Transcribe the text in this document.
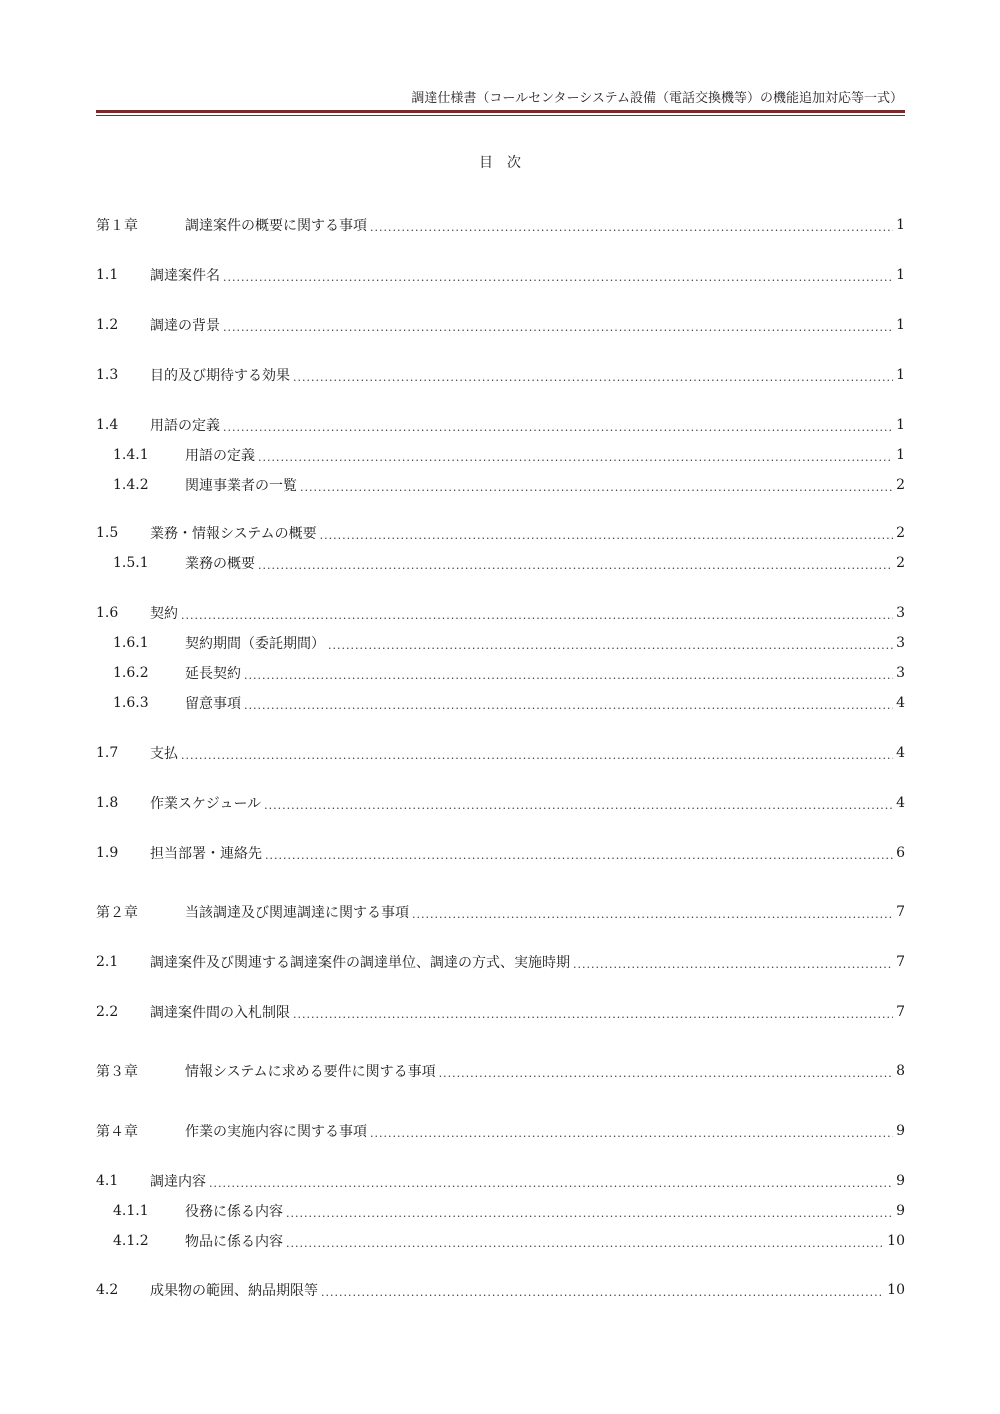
調達仕様書（コールセンターシステム設備（電話交換機等）の機能追加対応等一式）
目次
第１章	調達案件の概要に関する事項 .....	1
1.1	調達案件名 .....	1
1.2	調達の背景 .....	1
1.3	目的及び期待する効果 .....	1
1.4	用語の定義 .....	1
1.4.1	用語の定義 .....	1
1.4.2	関連事業者の一覧 .....	2
1.5	業務・情報システムの概要 .....	2
1.5.1	業務の概要 .....	2
1.6	契約 .....	3
1.6.1	契約期間（委託期間） .....	3
1.6.2	延長契約 .....	3
1.6.3	留意事項 .....	4
1.7	支払 .....	4
1.8	作業スケジュール .....	4
1.9	担当部署・連絡先 .....	6
第２章	当該調達及び関連調達に関する事項 .....	7
2.1	調達案件及び関連する調達案件の調達単位、調達の方式、実施時期 .....	7
2.2	調達案件間の入札制限 .....	7
第３章	情報システムに求める要件に関する事項 .....	8
第４章	作業の実施内容に関する事項 .....	9
4.1	調達内容 .....	9
4.1.1	役務に係る内容 .....	9
4.1.2	物品に係る内容 .....	10
4.2	成果物の範囲、納品期限等 .....	10
